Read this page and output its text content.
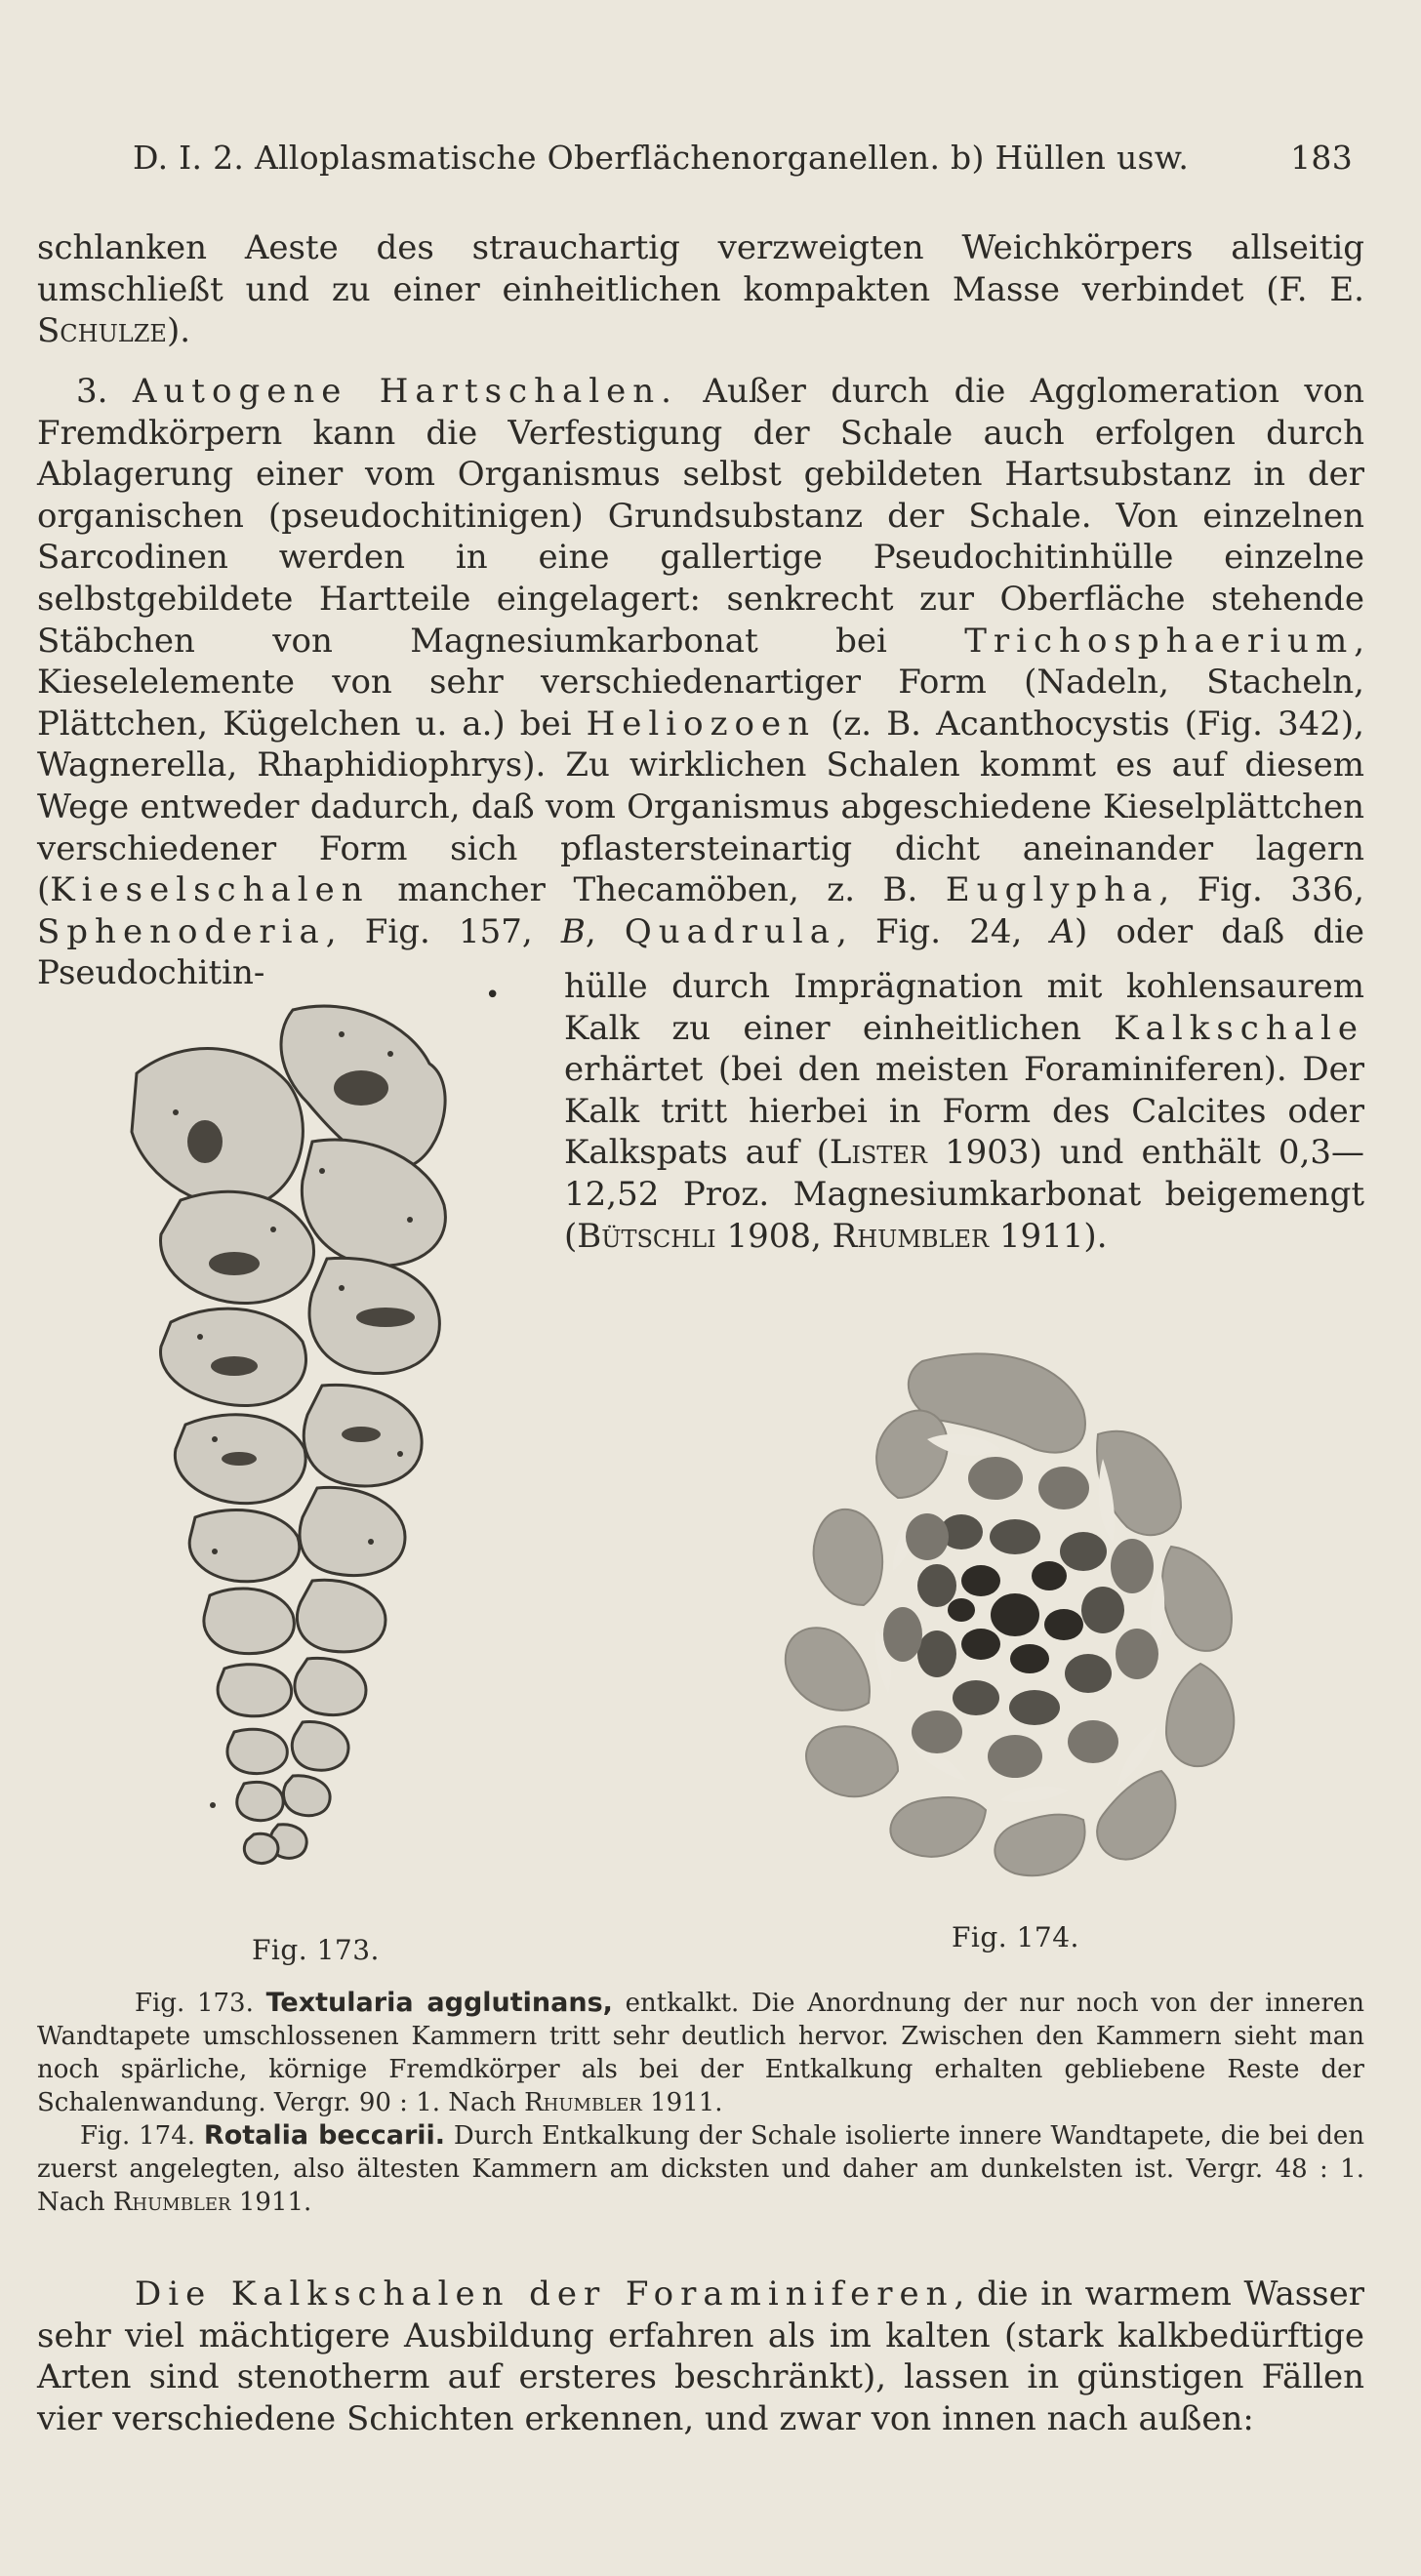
D. I. 2. Alloplasmatische Oberflächenorganellen. b) Hüllen usw.	183

schlanken Aeste des strauchartig verzweigten Weichkörpers allseitig umschließt und zu einer einheitlichen kompakten Masse verbindet (F. E. Schulze).

3. Autogene Hartschalen. Außer durch die Agglomeration von Fremdkörpern kann die Verfestigung der Schale auch erfolgen durch Ablagerung einer vom Organismus selbst gebildeten Hartsubstanz in der organischen (pseudochitinigen) Grundsubstanz der Schale. Von einzelnen Sarcodinen werden in eine gallertige Pseudochitinhülle einzelne selbstgebildete Hartteile eingelagert: senkrecht zur Oberfläche stehende Stäbchen von Magnesiumkarbonat bei Trichosphaerium, Kieselelemente von sehr verschiedenartiger Form (Nadeln, Stacheln, Plättchen, Kügelchen u. a.) bei Heliozoen (z. B. Acanthocystis (Fig. 342), Wagnerella, Rhaphidiophrys). Zu wirklichen Schalen kommt es auf diesem Wege entweder dadurch, daß vom Organismus abgeschiedene Kieselplättchen verschiedener Form sich pflastersteinartig dicht aneinander lagern (Kieselschalen mancher Thecamöben, z. B. Euglypha, Fig. 336, Sphenoderia, Fig. 157, B, Quadrula, Fig. 24, A) oder daß die Pseudochitin-

• hülle durch Imprägnation mit kohlensaurem Kalk zu einer einheitlichen Kalkschale erhärtet (bei den meisten Foraminiferen). Der Kalk tritt hierbei in Form des Calcites oder Kalkspats auf (Lister 1903) und enthält 0,3—12,52 Proz. Magnesiumkarbonat beigemengt (Bütschli 1908, Rhumbler 1911).

Fig. 173.	Fig. 174.

Fig. 173. Textularia agglutinans, entkalkt. Die Anordnung der nur noch von der inneren Wandtapete umschlossenen Kammern tritt sehr deutlich hervor. Zwischen den Kammern sieht man noch spärliche, körnige Fremdkörper als bei der Entkalkung erhalten gebliebene Reste der Schalenwandung. Vergr. 90 : 1. Nach Rhumbler 1911.

Fig. 174. Rotalia beccarii. Durch Entkalkung der Schale isolierte innere Wandtapete, die bei den zuerst angelegten, also ältesten Kammern am dicksten und daher am dunkelsten ist. Vergr. 48 : 1. Nach Rhumbler 1911.

Die Kalkschalen der Foraminiferen, die in warmem Wasser sehr viel mächtigere Ausbildung erfahren als im kalten (stark kalkbedürftige Arten sind stenotherm auf ersteres beschränkt), lassen in günstigen Fällen vier verschiedene Schichten erkennen, und zwar von innen nach außen:
